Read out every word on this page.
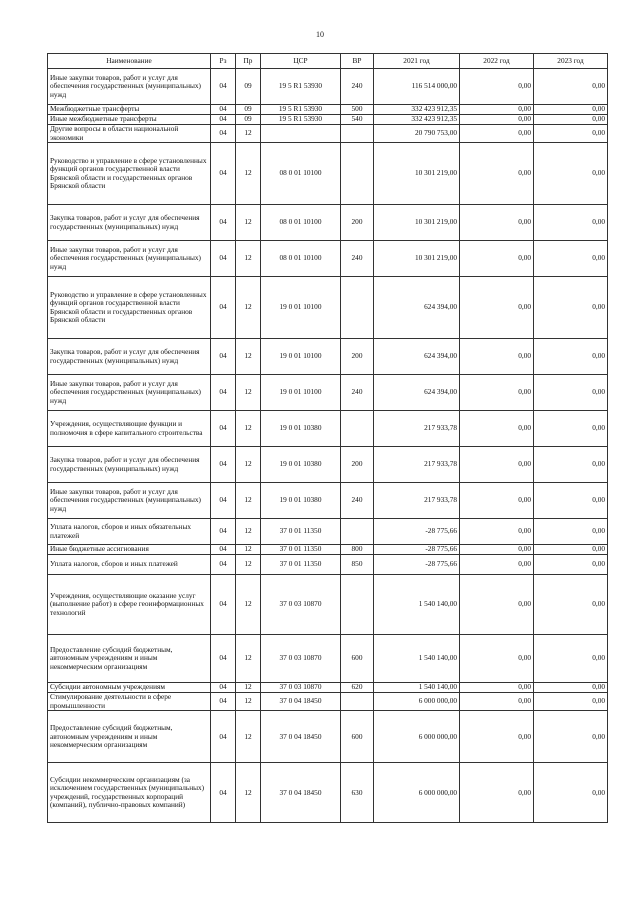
10
Наименование	Рз	Пр	ЦСР	ВР	2021 год	2022 год	2023 год
Иные закупки товаров, работ и услуг для обеспечения государственных (муниципальных) нужд	04	09	19 5 R1 53930	240	116 514 000,00	0,00	0,00
Межбюджетные трансферты	04	09	19 5 R1 53930	500	332 423 912,35	0,00	0,00
Иные межбюджетные трансферты	04	09	19 5 R1 53930	540	332 423 912,35	0,00	0,00
Другие вопросы в области национальной экономики	04	12			20 790 753,00	0,00	0,00
Руководство и управление в сфере установленных функций органов государственной власти Брянской области и государственных органов Брянской области	04	12	08 0 01 10100		10 301 219,00	0,00	0,00
Закупка товаров, работ и услуг для обеспечения государственных (муниципальных) нужд	04	12	08 0 01 10100	200	10 301 219,00	0,00	0,00
Иные закупки товаров, работ и услуг для обеспечения государственных (муниципальных) нужд	04	12	08 0 01 10100	240	10 301 219,00	0,00	0,00
Руководство и управление в сфере установленных функций органов государственной власти Брянской области и государственных органов Брянской области	04	12	19 0 01 10100		624 394,00	0,00	0,00
Закупка товаров, работ и услуг для обеспечения государственных (муниципальных) нужд	04	12	19 0 01 10100	200	624 394,00	0,00	0,00
Иные закупки товаров, работ и услуг для обеспечения государственных (муниципальных) нужд	04	12	19 0 01 10100	240	624 394,00	0,00	0,00
Учреждения, осуществляющие функции и полномочия в сфере капитального строительства	04	12	19 0 01 10380		217 933,78	0,00	0,00
Закупка товаров, работ и услуг для обеспечения государственных (муниципальных) нужд	04	12	19 0 01 10380	200	217 933,78	0,00	0,00
Иные закупки товаров, работ и услуг для обеспечения государственных (муниципальных) нужд	04	12	19 0 01 10380	240	217 933,78	0,00	0,00
Уплата налогов, сборов и иных обязательных платежей	04	12	37 0 01 11350		-28 775,66	0,00	0,00
Иные бюджетные ассигнования	04	12	37 0 01 11350	800	-28 775,66	0,00	0,00
Уплата налогов, сборов и иных платежей	04	12	37 0 01 11350	850	-28 775,66	0,00	0,00
Учреждения, осуществляющие оказание услуг (выполнение работ) в сфере геоинформационных технологий	04	12	37 0 03 10870		1 540 140,00	0,00	0,00
Предоставление субсидий бюджетным, автономным учреждениям и иным некоммерческим организациям	04	12	37 0 03 10870	600	1 540 140,00	0,00	0,00
Субсидии автономным учреждениям	04	12	37 0 03 10870	620	1 540 140,00	0,00	0,00
Стимулирование деятельности в сфере промышленности	04	12	37 0 04 18450		6 000 000,00	0,00	0,00
Предоставление субсидий бюджетным, автономным учреждениям и иным некоммерческим организациям	04	12	37 0 04 18450	600	6 000 000,00	0,00	0,00
Субсидии некоммерческим организациям (за исключением государственных (муниципальных) учреждений, государственных корпораций (компаний), публично-правовых компаний)	04	12	37 0 04 18450	630	6 000 000,00	0,00	0,00
